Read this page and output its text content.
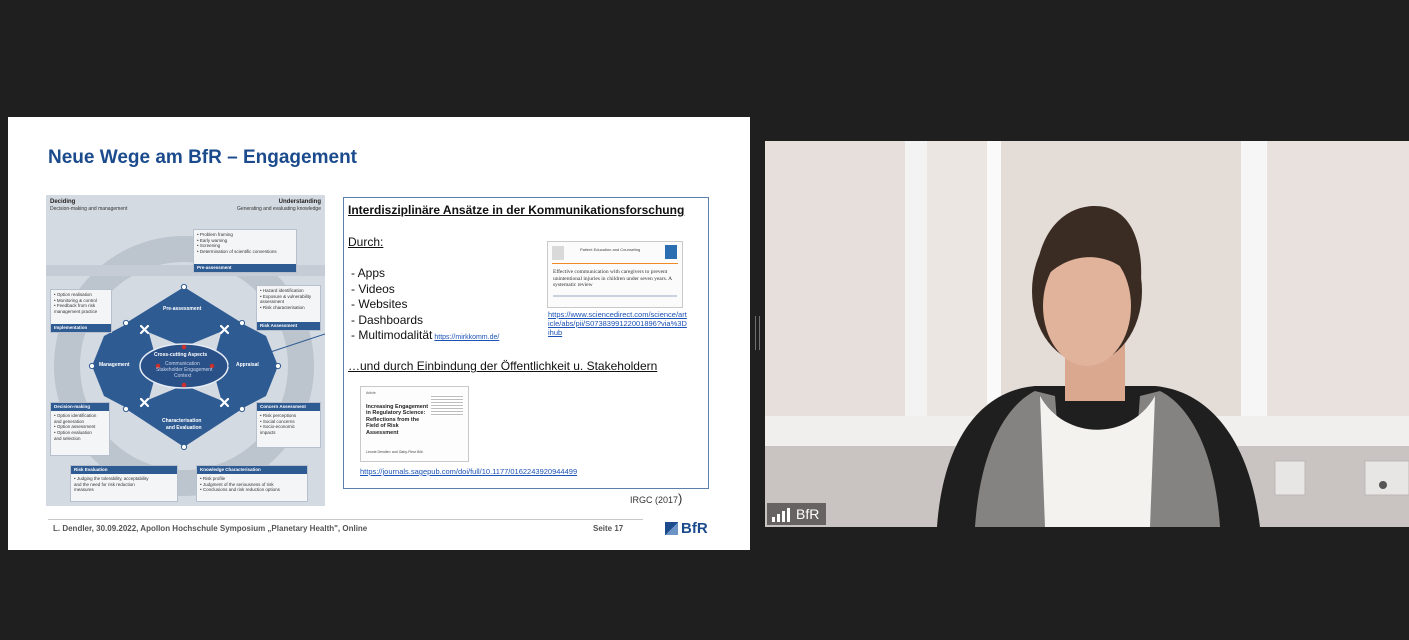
Neue Wege am BfR – Engagement
Deciding
Decision-making and management
Understanding
Generating and evaluating knowledge
Pre-assessment
Management	Appraisal
Characterisation
and Evaluation
Cross-cutting Aspects
Communication
Stakeholder Engagement
Context
• Problem framing
• Early warning
• Screening
• Determination of scientific conventions
Pre-assessment
• Option realisation
• Monitoring & control
• Feedback from risk
management practice
Implementation
• Hazard identification
• Exposure & vulnerability
assessment
• Risk characterisation
Risk Assessment
Decision-making
• Option identification
and generation
• Option assessment
• Option evaluation
and selection
Concern Assessment
• Risk perceptions
• Social concerns
• Socio-economic
impacts
Risk Evaluation
• Judging the tolerability, acceptability
and the need for risk reduction
measures
Knowledge Characterisation
• Risk profile
• Judgment of the seriousness of risk
• Conclusions and risk reduction options
Interdisziplinäre Ansätze in der Kommunikationsforschung
Durch:
- Apps
- Videos
- Websites
- Dashboards
- Multimodalität https://mirkkomm.de/
Patient Education and Counseling
Effective communication with caregivers to prevent unintentional injuries in children under seven years. A systematic review
https://www.sciencedirect.com/science/article/abs/pii/S073839912200189​6?via%3Dihub
…und durch Einbindung der Öffentlichkeit u. Stakeholdern
Article
Increasing Engagement in Regulatory Science: Reflections from the Field of Risk Assessment
Leonie Dendler¹ and Gaby-Fleur Böl¹
https://journals.sagepub.com/doi/full/10.1177/0162243920944499
IRGC (2017)
L. Dendler, 30.09.2022, Apollon Hochschule Symposium „Planetary Health", Online	Seite 17	BfR
BfR
